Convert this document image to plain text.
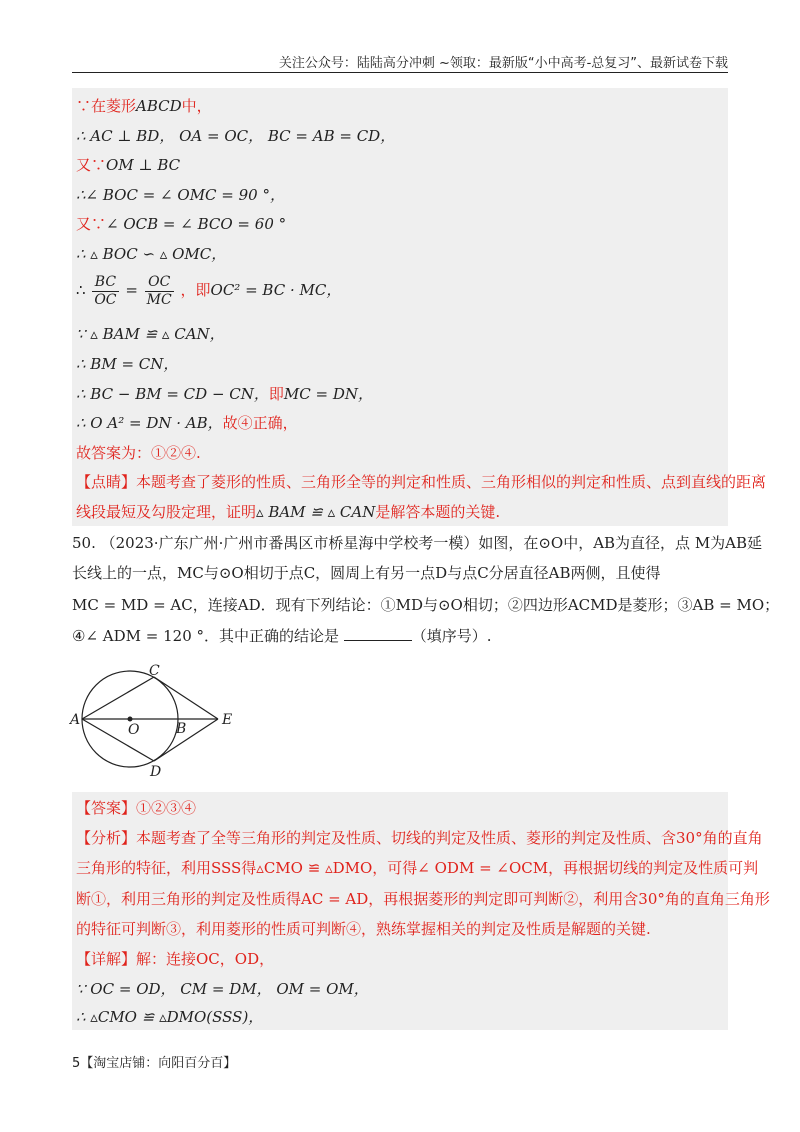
关注公众号：陆陆高分冲刺 ~领取：最新版“小中高考-总复习”、最新试卷下载
∵在菱形ABCD中，
∴ AC ⊥ BD， OA = OC， BC = AB = CD，
又∵OM ⊥ BC
∴∠ BOC = ∠ OMC = 90 °，
又∵∠ OCB = ∠ BCO = 60 °
∴ ▵ BOC ∽ ▵ OMC，
∴ $\frac{BC}{OC} = \frac{OC}{MC}$ ，即OC² = BC · MC，
∵ ▵ BAM ≌ ▵ CAN，
∴ BM = CN，
∴ BC − BM = CD − CN，即MC = DN，
∴ O A² = DN · AB，故④正确，
故答案为：①②④.
【点睛】本题考查了菱形的性质、三角形全等的判定和性质、三角形相似的判定和性质、点到直线的距离
线段最短及勾股定理，证明▵ BAM ≌ ▵ CAN是解答本题的关键.
50. （2023·广东广州·广州市番禺区市桥星海中学校考一模）如图，在⊙O中，AB为直径，点 M为AB延
长线上的一点，MC与⊙O相切于点C，圆周上有另一点D与点C分居直径AB两侧，且使得
MC = MD = AC，连接AD．现有下列结论：①MD与⊙O相切；②四边形ACMD是菱形；③AB = MO；
④∠ ADM = 120 °．其中正确的结论是	（填序号）.
A
C
D
O	B
E
【答案】①②③④
【分析】本题考查了全等三角形的判定及性质、切线的判定及性质、菱形的判定及性质、含30°角的直角
三角形的特征，利用SSS得▵CMO ≌ ▵DMO，可得∠ ODM = ∠OCM，再根据切线的判定及性质可判
断①，利用三角形的判定及性质得AC = AD，再根据菱形的判定即可判断②，利用含30°角的直角三角形
的特征可判断③，利用菱形的性质可判断④，熟练掌握相关的判定及性质是解题的关键.
【详解】解：连接OC，OD，
∵ OC = OD， CM = DM， OM = OM，
∴ ▵CMO ≌ ▵DMO(SSS)，
5【淘宝店铺：向阳百分百】
